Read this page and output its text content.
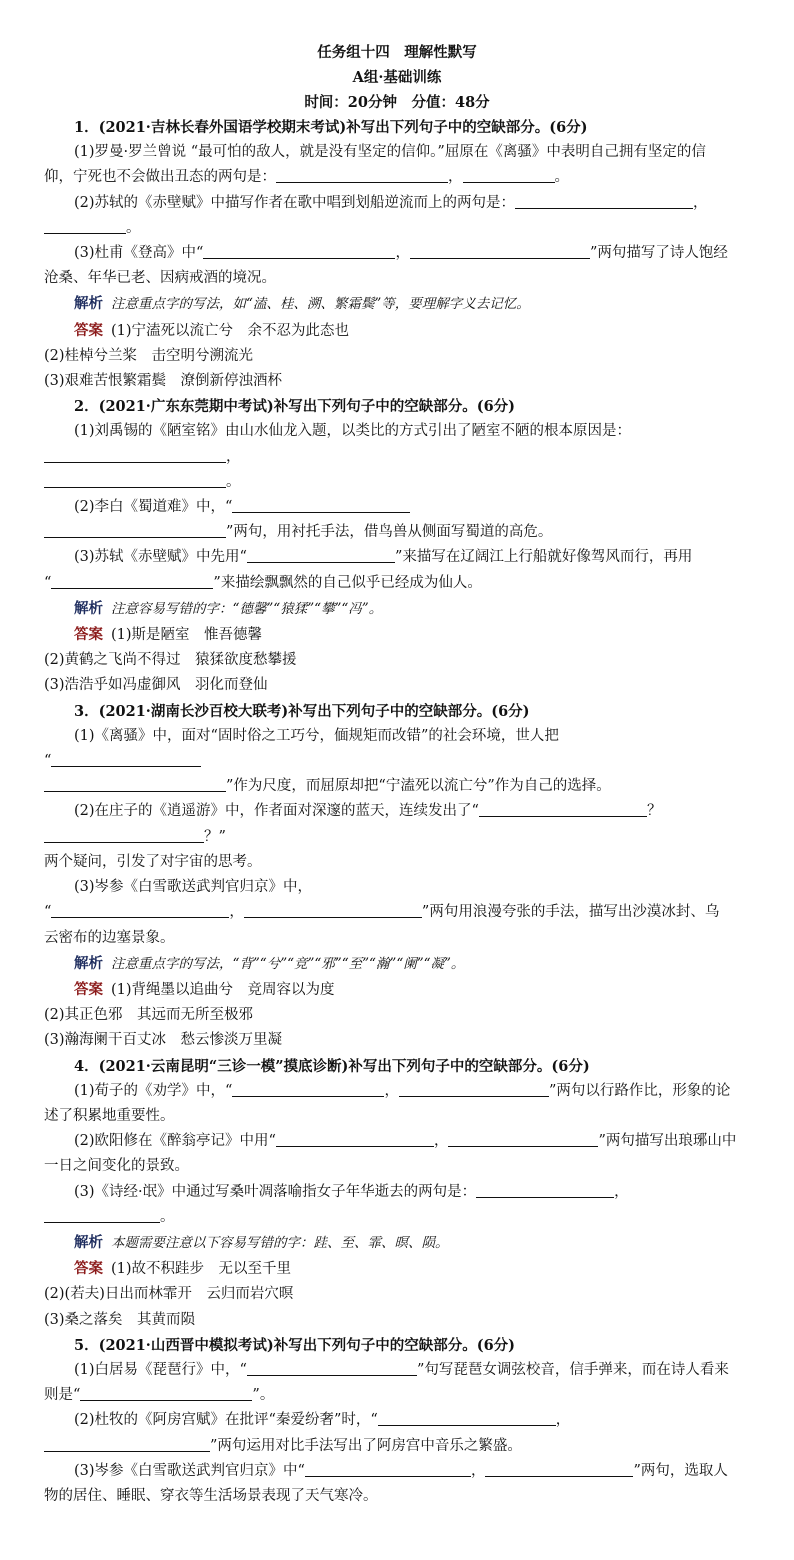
任务组十四　理解性默写
A组·基础训练
时间：20分钟　分值：48分
1．(2021·吉林长春外国语学校期末考试)补写出下列句子中的空缺部分。(6分)
(1)罗曼·罗兰曾说 “最可怕的敌人，就是没有坚定的信仰。”屈原在《离骚》中表明自己拥有坚定的信
仰，宁死也不会做出丑态的两句是：	，	。
(2)苏轼的《赤壁赋》中描写作者在歌中唱到划船逆流而上的两句是：	，
。
(3)杜甫《登高》中“	，	”两句描写了诗人饱经
沧桑、年华已老、因病戒酒的境况。
解析 注意重点字的写法，如“溘、桂、溯、繁霜鬓”等，要理解字义去记忆。
答案 (1)宁溘死以流亡兮　余不忍为此态也
(2)桂棹兮兰桨　击空明兮溯流光
(3)艰难苦恨繁霜鬓　潦倒新停浊酒杯
2．(2021·广东东莞期中考试)补写出下列句子中的空缺部分。(6分)
(1)刘禹锡的《陋室铭》由山水仙龙入题，以类比的方式引出了陋室不陋的根本原因是：
，
。
(2)李白《蜀道难》中，“
”两句，用衬托手法，借鸟兽从侧面写蜀道的高危。
(3)苏轼《赤壁赋》中先用“	”来描写在辽阔江上行船就好像驾风而行，再用
“	”来描绘飘飘然的自己似乎已经成为仙人。
解析 注意容易写错的字：“德馨”“猿猱”“攀”“冯”。
答案 (1)斯是陋室　惟吾德馨
(2)黄鹤之飞尚不得过　猿猱欲度愁攀援
(3)浩浩乎如冯虚御风　羽化而登仙
3．(2021·湖南长沙百校大联考)补写出下列句子中的空缺部分。(6分)
(1)《离骚》中，面对“固时俗之工巧兮，偭规矩而改错”的社会环境，世人把
“
”作为尺度，而屈原却把“宁溘死以流亡兮”作为自己的选择。
(2)在庄子的《逍遥游》中，作者面对深邃的蓝天，连续发出了“	？
？”
两个疑问，引发了对宇宙的思考。
(3)岑参《白雪歌送武判官归京》中，
“	，	”两句用浪漫夸张的手法，描写出沙漠冰封、乌
云密布的边塞景象。
解析 注意重点字的写法，“背”“兮”“竞”“邪”“至”“瀚”“阑”“凝”。
答案 (1)背绳墨以追曲兮　竞周容以为度
(2)其正色邪　其远而无所至极邪
(3)瀚海阑干百丈冰　愁云惨淡万里凝
4．(2021·云南昆明“三诊一模”摸底诊断)补写出下列句子中的空缺部分。(6分)
(1)荀子的《劝学》中，“	，	”两句以行路作比，形象的论
述了积累地重要性。
(2)欧阳修在《醉翁亭记》中用“	，	”两句描写出琅琊山中
一日之间变化的景致。
(3)《诗经·氓》中通过写桑叶凋落喻指女子年华逝去的两句是：	，
。
解析 本题需要注意以下容易写错的字：跬、至、霏、暝、陨。
答案 (1)故不积跬步　无以至千里
(2)(若夫)日出而林霏开　云归而岩穴暝
(3)桑之落矣　其黄而陨
5．(2021·山西晋中模拟考试)补写出下列句子中的空缺部分。(6分)
(1)白居易《琵琶行》中，“	”句写琵琶女调弦校音，信手弹来，而在诗人看来
则是“	”。
(2)杜牧的《阿房宫赋》在批评“秦爱纷奢”时，“	，
”两句运用对比手法写出了阿房宫中音乐之繁盛。
(3)岑参《白雪歌送武判官归京》中“	，	”两句，选取人
物的居住、睡眠、穿衣等生活场景表现了天气寒冷。
